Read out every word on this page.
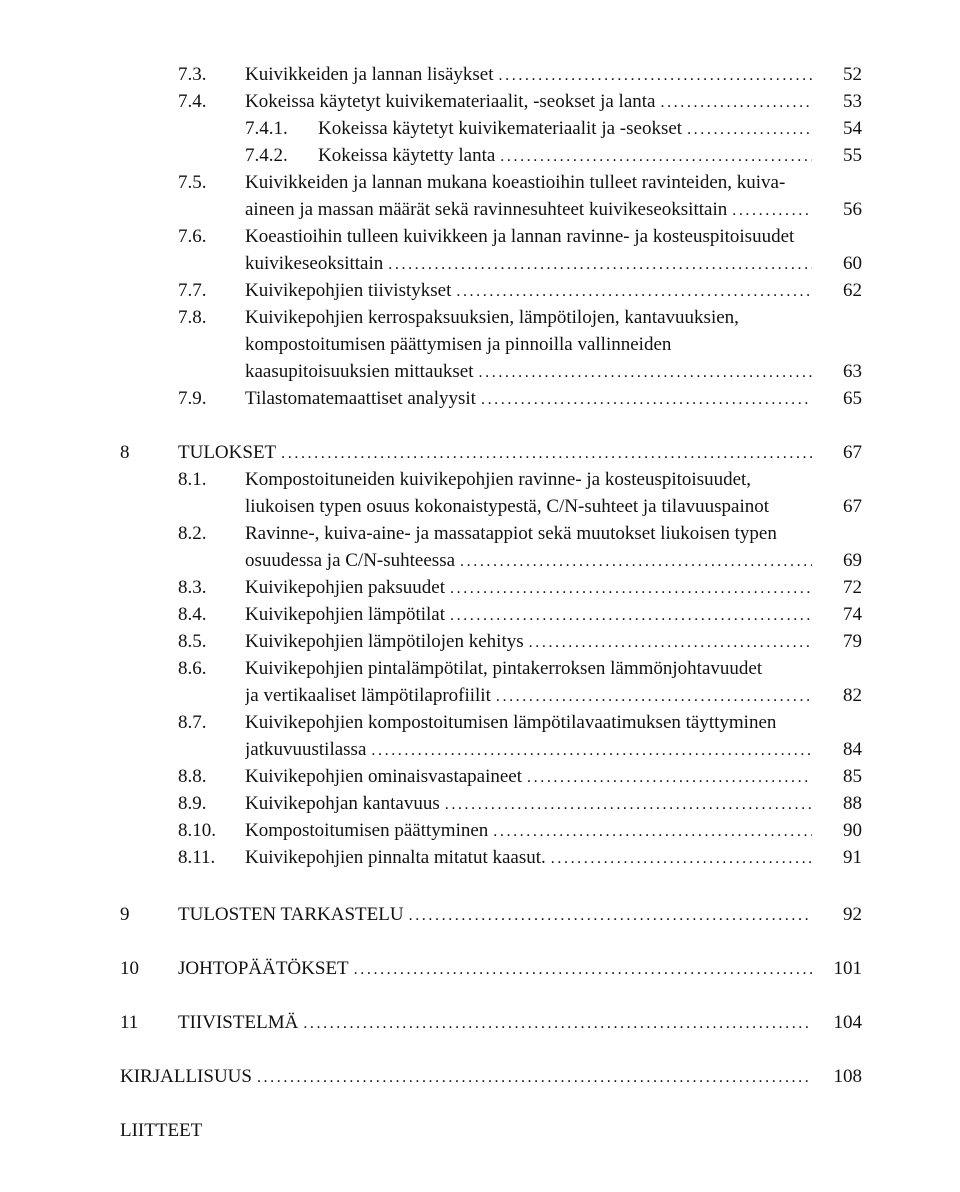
7.3. Kuivikkeiden ja lannan lisäykset .....	52
7.4. Kokeissa käytetyt kuivikemateriaalit, -seokset ja lanta .....	53
7.4.1. Kokeissa käytetyt kuivikemateriaalit ja -seokset .....	54
7.4.2. Kokeissa käytetty lanta .....	55
7.5. Kuivikkeiden ja lannan mukana koeastioihin tulleet ravinteiden, kuiva-
aineen ja massan määrät sekä ravinnesuhteet kuivikeseoksittain .....	56
7.6. Koeastioihin tulleen kuivikkeen ja lannan ravinne- ja kosteuspitoisuudet
kuivikeseoksittain .....	60
7.7. Kuivikepohjien tiivistykset .....	62
7.8. Kuivikepohjien kerrospaksuuksien, lämpötilojen, kantavuuksien,
kompostoitumisen päättymisen ja pinnoilla vallinneiden
kaasupitoisuuksien mittaukset .....	63
7.9. Tilastomatemaattiset analyysit .....	65
8	TULOKSET .....	67
8.1. Kompostoituneiden kuivikepohjien ravinne- ja kosteuspitoisuudet,
liukoisen typen osuus kokonaistypestä, C/N-suhteet ja tilavuuspainot	67
8.2. Ravinne-, kuiva-aine- ja massatappiot sekä muutokset liukoisen typen
osuudessa ja C/N-suhteessa .....	69
8.3. Kuivikepohjien paksuudet .....	72
8.4. Kuivikepohjien lämpötilat .....	74
8.5. Kuivikepohjien lämpötilojen kehitys .....	79
8.6. Kuivikepohjien pintalämpötilat, pintakerroksen lämmönjohtavuudet
ja vertikaaliset lämpötilaprofiilit .....	82
8.7. Kuivikepohjien kompostoitumisen lämpötilavaatimuksen täyttyminen
jatkuvuustilassa .....	84
8.8. Kuivikepohjien ominaisvastapaineet .....	85
8.9. Kuivikepohjan kantavuus .....	88
8.10. Kompostoitumisen päättyminen .....	90
8.11. Kuivikepohjien pinnalta mitatut kaasut. .....	91
9	TULOSTEN TARKASTELU .....	92
10 JOHTOPÄÄTÖKSET .....	101
11 TIIVISTELMÄ .....	104
KIRJALLISUUS .....	108
LIITTEET
